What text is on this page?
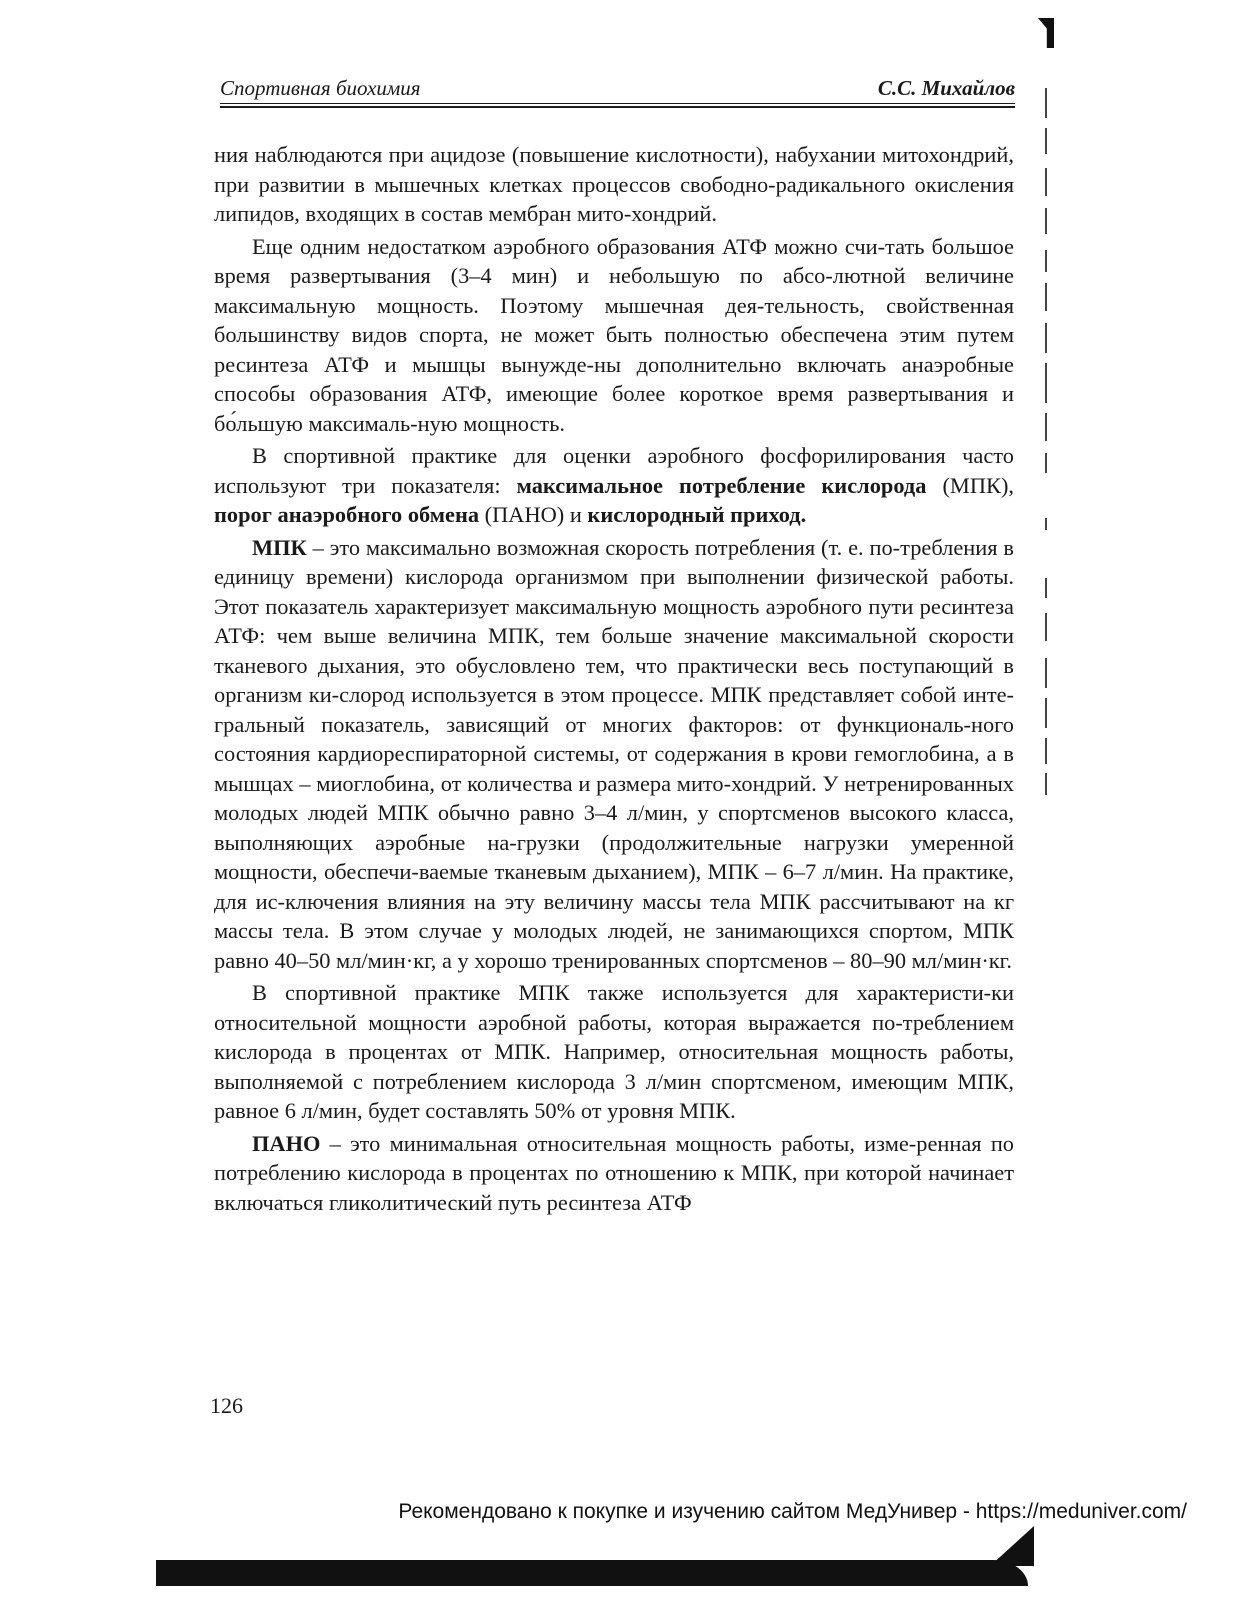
Спортивная биохимия	С.С. Михайлов

ния наблюдаются при ацидозе (повышение кислотности), набухании митохондрий, при развитии в мышечных клетках процессов свободно-радикального окисления липидов, входящих в состав мембран мито-хондрий.

Еще одним недостатком аэробного образования АТФ можно счи-тать большое время развертывания (3–4 мин) и небольшую по абсо-лютной величине максимальную мощность. Поэтому мышечная дея-тельность, свойственная большинству видов спорта, не может быть полностью обеспечена этим путем ресинтеза АТФ и мышцы вынужде-ны дополнительно включать анаэробные способы образования АТФ, имеющие более короткое время развертывания и бо́льшую максималь-ную мощность.

В спортивной практике для оценки аэробного фосфорилирования часто используют три показателя: максимальное потребление кислорода (МПК), порог анаэробного обмена (ПАНО) и кислородный приход.

МПК – это максимально возможная скорость потребления (т. е. по-требления в единицу времени) кислорода организмом при выполнении физической работы. Этот показатель характеризует максимальную мощность аэробного пути ресинтеза АТФ: чем выше величина МПК, тем больше значение максимальной скорости тканевого дыхания, это обусловлено тем, что практически весь поступающий в организм ки-слород используется в этом процессе. МПК представляет собой инте-гральный показатель, зависящий от многих факторов: от функциональ-ного состояния кардиореспираторной системы, от содержания в крови гемоглобина, а в мышцах – миоглобина, от количества и размера мито-хондрий. У нетренированных молодых людей МПК обычно равно 3–4 л/мин, у спортсменов высокого класса, выполняющих аэробные на-грузки (продолжительные нагрузки умеренной мощности, обеспечи-ваемые тканевым дыханием), МПК – 6–7 л/мин. На практике, для ис-ключения влияния на эту величину массы тела МПК рассчитывают на кг массы тела. В этом случае у молодых людей, не занимающихся спортом, МПК равно 40–50 мл/мин·кг, а у хорошо тренированных спортсменов – 80–90 мл/мин·кг.

В спортивной практике МПК также используется для характеристи-ки относительной мощности аэробной работы, которая выражается по-треблением кислорода в процентах от МПК. Например, относительная мощность работы, выполняемой с потреблением кислорода 3 л/мин спортсменом, имеющим МПК, равное 6 л/мин, будет составлять 50% от уровня МПК.

ПАНО – это минимальная относительная мощность работы, изме-ренная по потреблению кислорода в процентах по отношению к МПК, при которой начинает включаться гликолитический путь ресинтеза АТФ

126
Рекомендовано к покупке и изучению сайтом МедУнивер - https://meduniver.com/
